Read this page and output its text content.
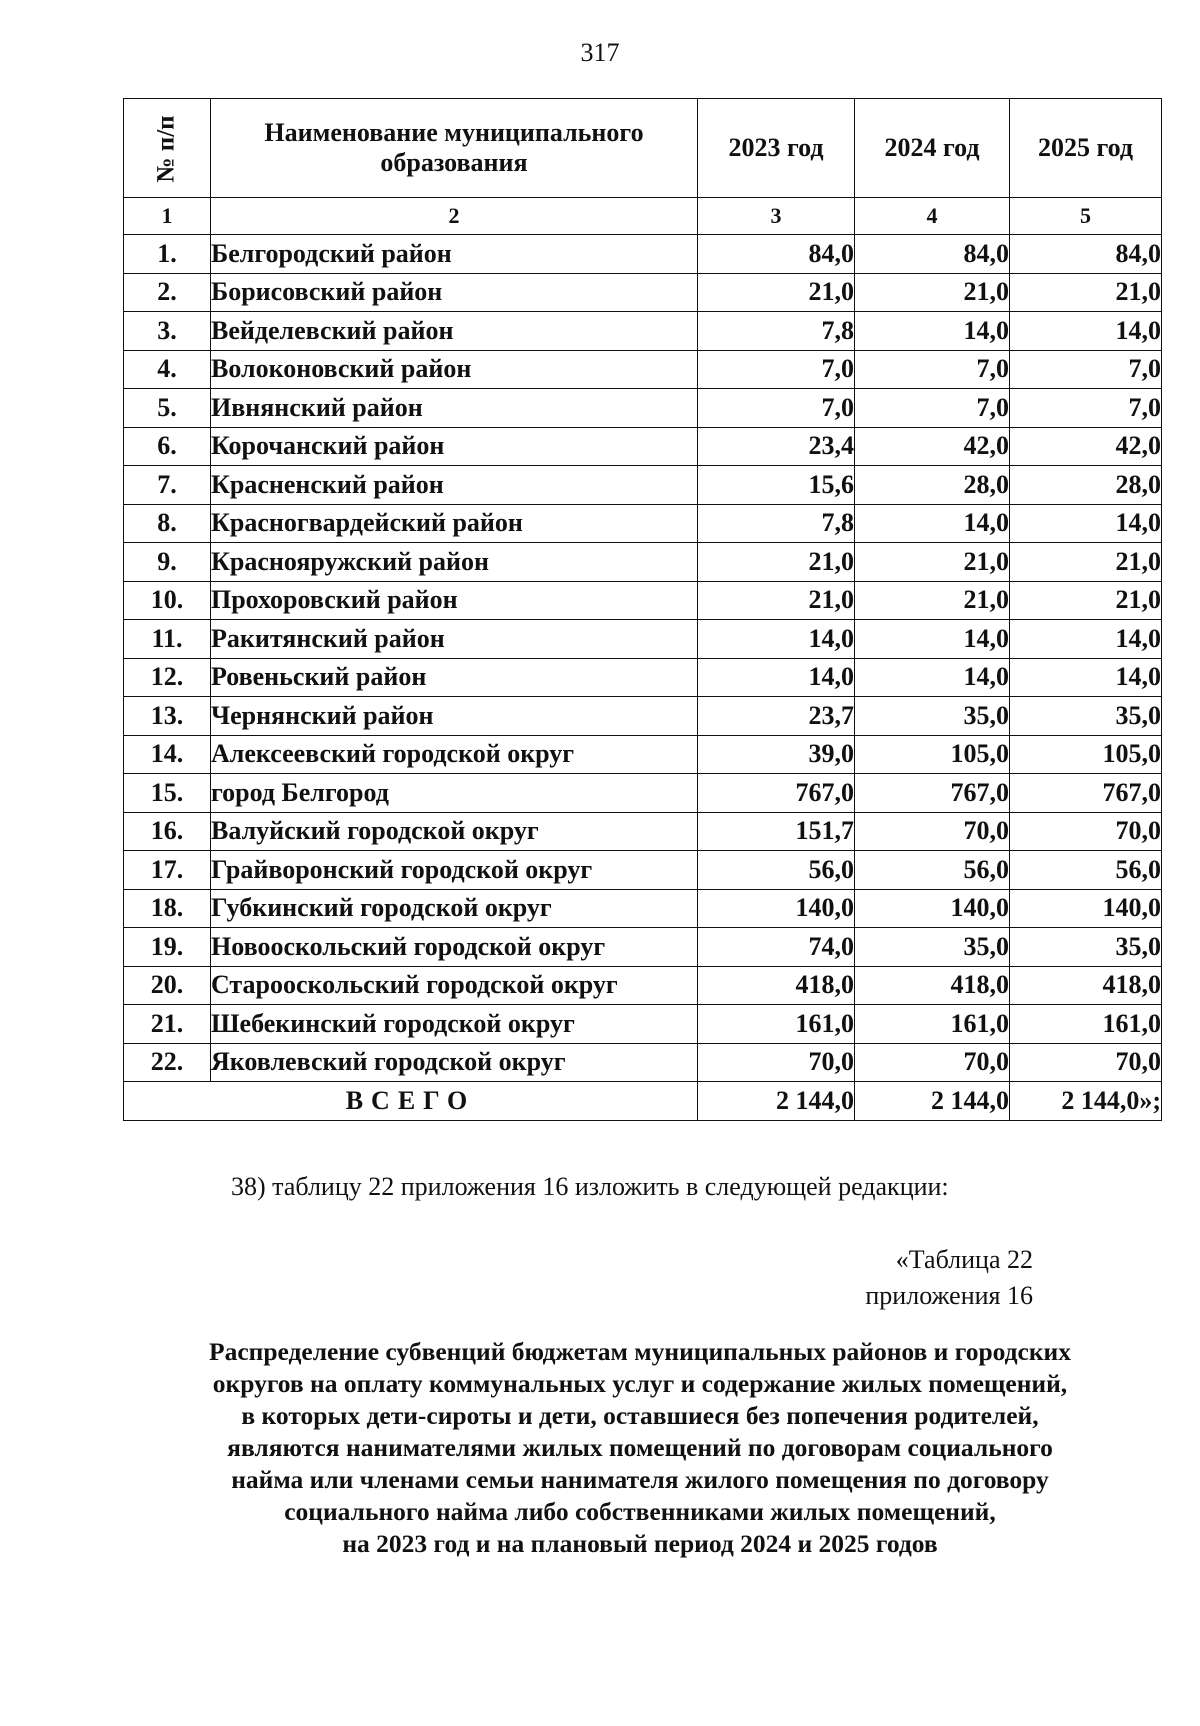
317
№ п/п	Наименование муниципального образования	2023 год	2024 год	2025 год
1	2	3	4	5
1.	Белгородский район	84,0	84,0	84,0
2.	Борисовский район	21,0	21,0	21,0
3.	Вейделевский район	7,8	14,0	14,0
4.	Волоконовский район	7,0	7,0	7,0
5.	Ивнянский район	7,0	7,0	7,0
6.	Корочанский район	23,4	42,0	42,0
7.	Красненский район	15,6	28,0	28,0
8.	Красногвардейский район	7,8	14,0	14,0
9.	Краснояружский район	21,0	21,0	21,0
10.	Прохоровский район	21,0	21,0	21,0
11.	Ракитянский район	14,0	14,0	14,0
12.	Ровеньский район	14,0	14,0	14,0
13.	Чернянский район	23,7	35,0	35,0
14.	Алексеевский городской округ	39,0	105,0	105,0
15.	город Белгород	767,0	767,0	767,0
16.	Валуйский городской округ	151,7	70,0	70,0
17.	Грайворонский городской округ	56,0	56,0	56,0
18.	Губкинский городской округ	140,0	140,0	140,0
19.	Новооскольский городской округ	74,0	35,0	35,0
20.	Старооскольский городской округ	418,0	418,0	418,0
21.	Шебекинский городской округ	161,0	161,0	161,0
22.	Яковлевский городской округ	70,0	70,0	70,0
ВСЕГО		2 144,0	2 144,0	2 144,0»;
38) таблицу 22 приложения 16 изложить в следующей редакции:
«Таблица 22
приложения 16
Распределение субвенций бюджетам муниципальных районов и городских
округов на оплату коммунальных услуг и содержание жилых помещений,
в которых дети-сироты и дети, оставшиеся без попечения родителей,
являются нанимателями жилых помещений по договорам социального
найма или членами семьи нанимателя жилого помещения по договору
социального найма либо собственниками жилых помещений,
на 2023 год и на плановый период 2024 и 2025 годов
